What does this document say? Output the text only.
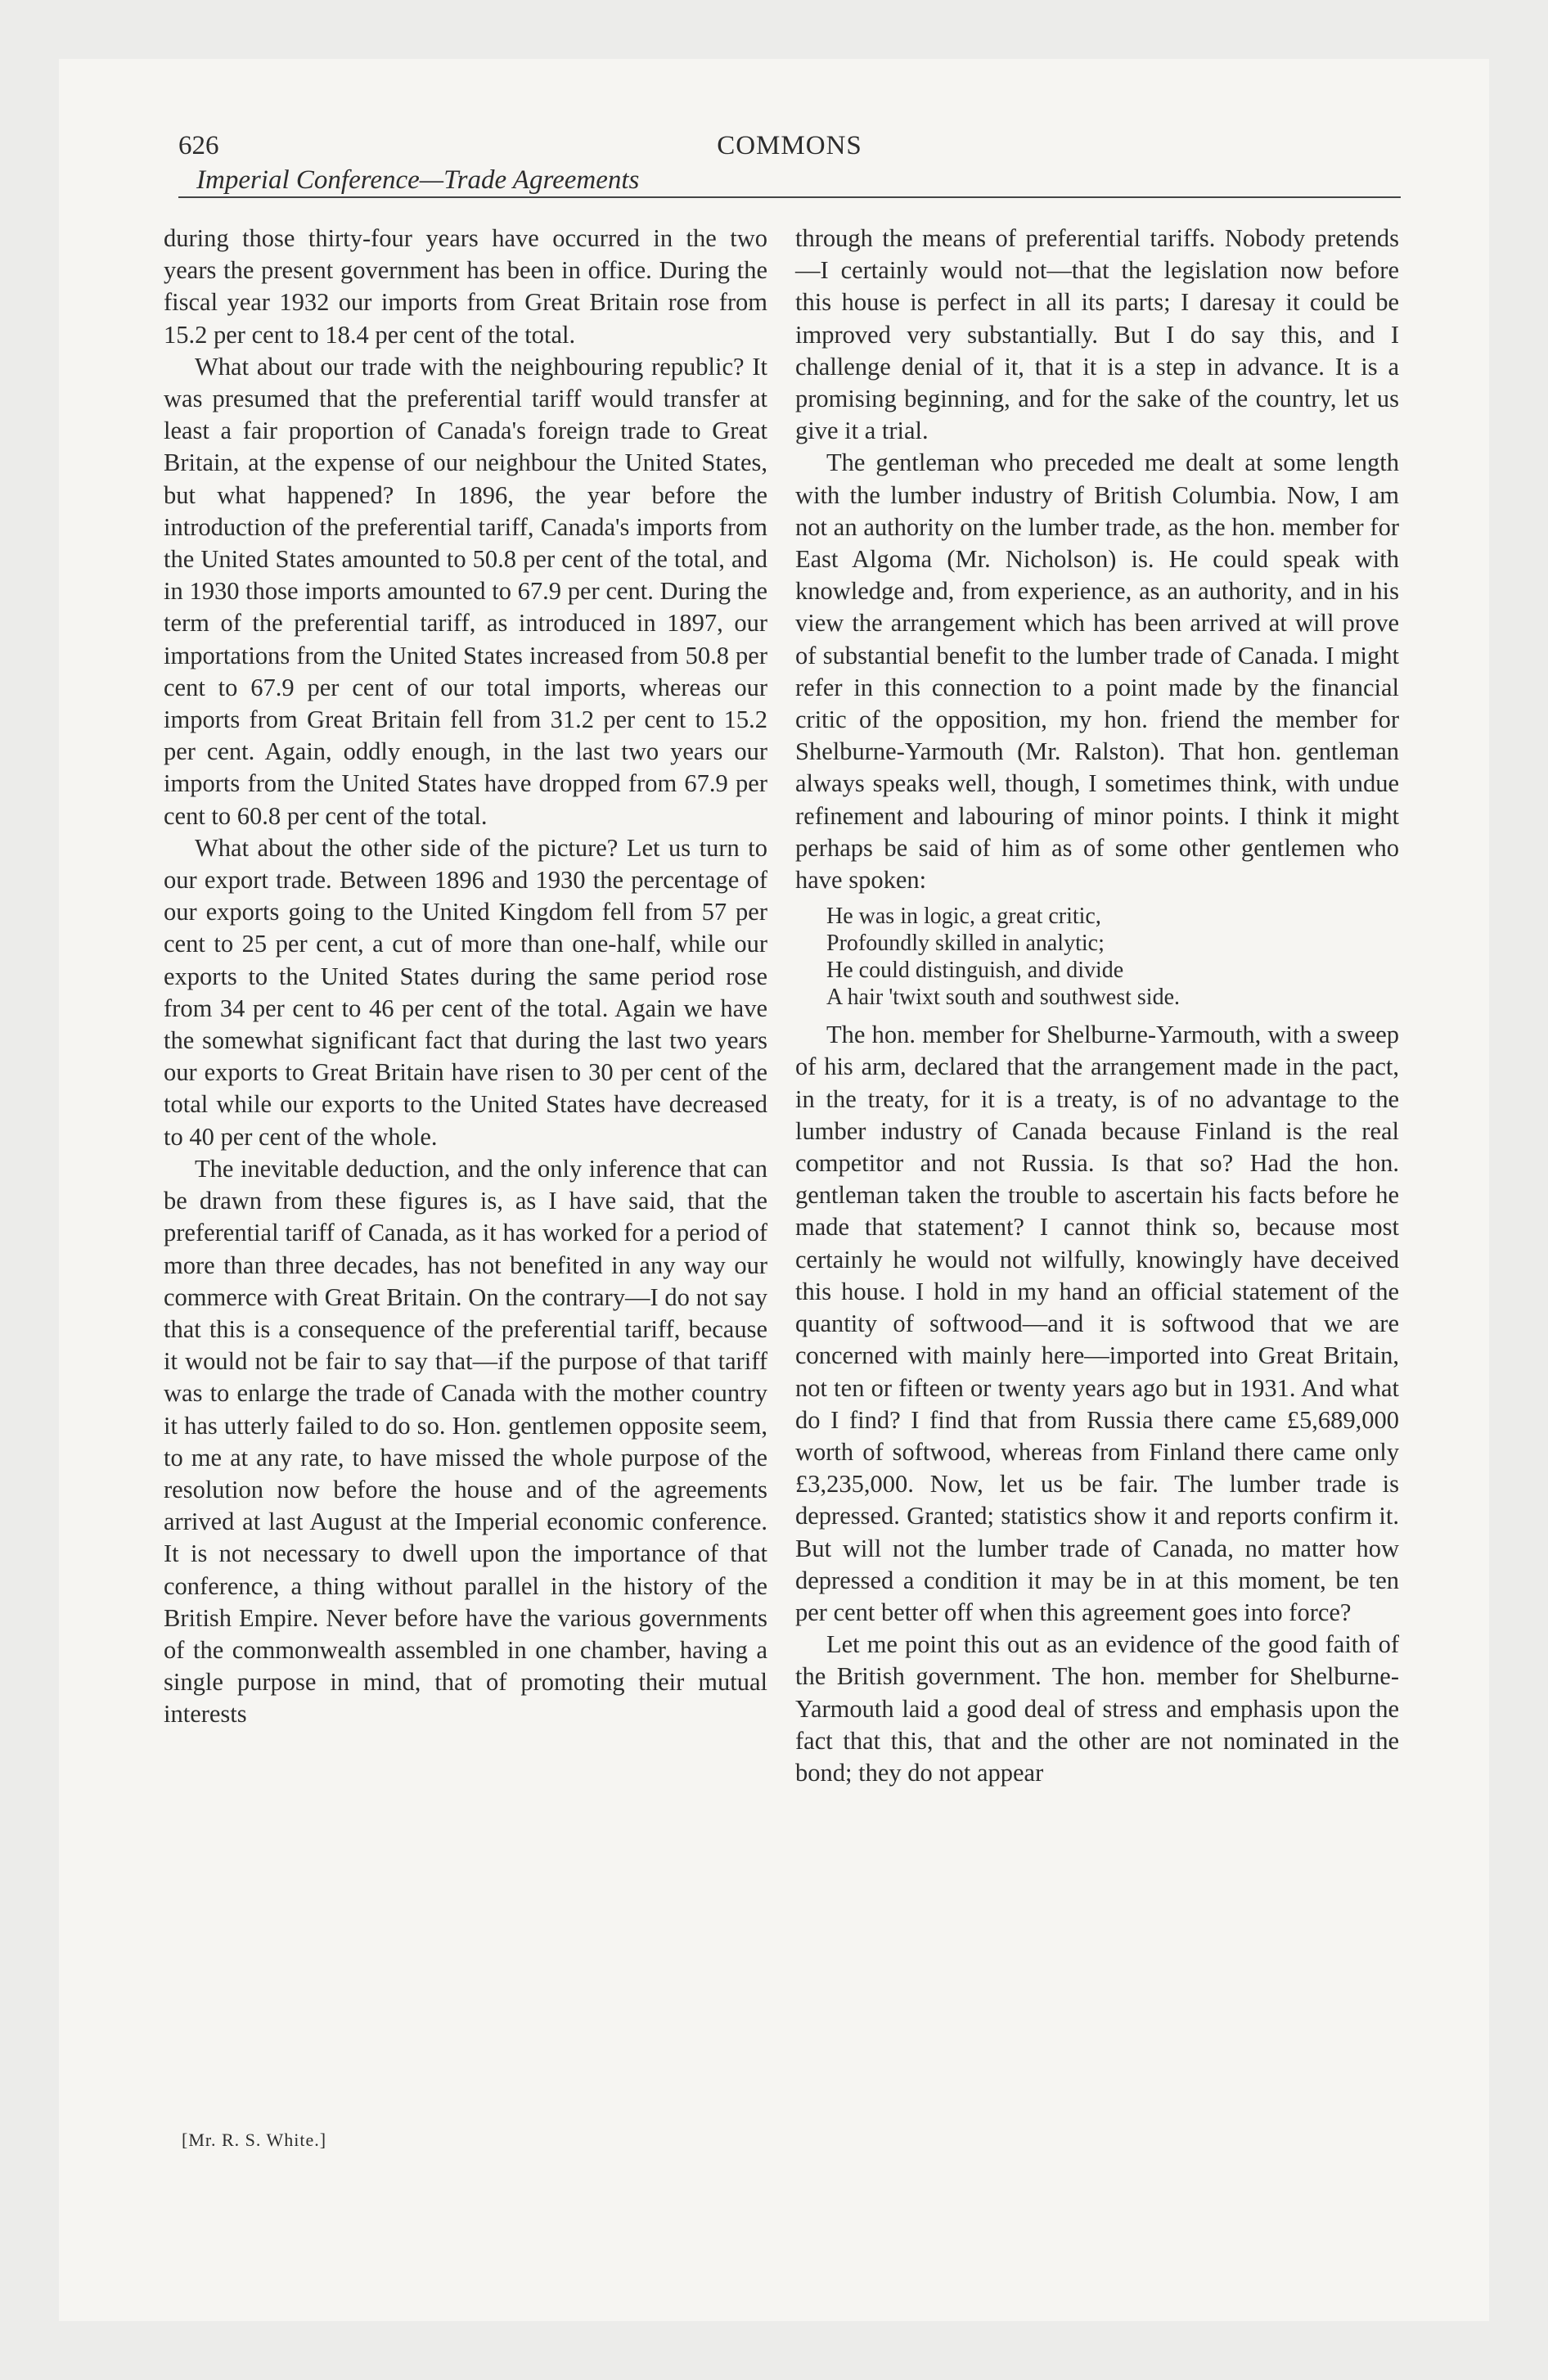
626	COMMONS
Imperial Conference—Trade Agreements

during those thirty-four years have occurred in the two years the present government has been in office. During the fiscal year 1932 our imports from Great Britain rose from 15.2 per cent to 18.4 per cent of the total.

What about our trade with the neighbouring republic? It was presumed that the preferential tariff would transfer at least a fair proportion of Canada's foreign trade to Great Britain, at the expense of our neighbour the United States, but what happened? In 1896, the year before the introduction of the preferential tariff, Canada's imports from the United States amounted to 50.8 per cent of the total, and in 1930 those imports amounted to 67.9 per cent. During the term of the preferential tariff, as introduced in 1897, our importations from the United States increased from 50.8 per cent to 67.9 per cent of our total imports, whereas our imports from Great Britain fell from 31.2 per cent to 15.2 per cent. Again, oddly enough, in the last two years our imports from the United States have dropped from 67.9 per cent to 60.8 per cent of the total.

What about the other side of the picture? Let us turn to our export trade. Between 1896 and 1930 the percentage of our exports going to the United Kingdom fell from 57 per cent to 25 per cent, a cut of more than one-half, while our exports to the United States during the same period rose from 34 per cent to 46 per cent of the total. Again we have the somewhat significant fact that during the last two years our exports to Great Britain have risen to 30 per cent of the total while our exports to the United States have decreased to 40 per cent of the whole.

The inevitable deduction, and the only inference that can be drawn from these figures is, as I have said, that the preferential tariff of Canada, as it has worked for a period of more than three decades, has not benefited in any way our commerce with Great Britain. On the contrary—I do not say that this is a consequence of the preferential tariff, because it would not be fair to say that—if the purpose of that tariff was to enlarge the trade of Canada with the mother country it has utterly failed to do so. Hon. gentlemen opposite seem, to me at any rate, to have missed the whole purpose of the resolution now before the house and of the agreements arrived at last August at the Imperial economic conference. It is not necessary to dwell upon the importance of that conference, a thing without parallel in the history of the British Empire. Never before have the various governments of the commonwealth assembled in one chamber, having a single purpose in mind, that of promoting their mutual interests

through the means of preferential tariffs. Nobody pretends—I certainly would not—that the legislation now before this house is perfect in all its parts; I daresay it could be improved very substantially. But I do say this, and I challenge denial of it, that it is a step in advance. It is a promising beginning, and for the sake of the country, let us give it a trial.

The gentleman who preceded me dealt at some length with the lumber industry of British Columbia. Now, I am not an authority on the lumber trade, as the hon. member for East Algoma (Mr. Nicholson) is. He could speak with knowledge and, from experience, as an authority, and in his view the arrangement which has been arrived at will prove of substantial benefit to the lumber trade of Canada. I might refer in this connection to a point made by the financial critic of the opposition, my hon. friend the member for Shelburne-Yarmouth (Mr. Ralston). That hon. gentleman always speaks well, though, I sometimes think, with undue refinement and labouring of minor points. I think it might perhaps be said of him as of some other gentlemen who have spoken:

He was in logic, a great critic,

Profoundly skilled in analytic;

He could distinguish, and divide

A hair 'twixt south and southwest side.

The hon. member for Shelburne-Yarmouth, with a sweep of his arm, declared that the arrangement made in the pact, in the treaty, for it is a treaty, is of no advantage to the lumber industry of Canada because Finland is the real competitor and not Russia. Is that so? Had the hon. gentleman taken the trouble to ascertain his facts before he made that statement? I cannot think so, because most certainly he would not wilfully, knowingly have deceived this house. I hold in my hand an official statement of the quantity of softwood—and it is softwood that we are concerned with mainly here—imported into Great Britain, not ten or fifteen or twenty years ago but in 1931. And what do I find? I find that from Russia there came £5,689,000 worth of softwood, whereas from Finland there came only £3,235,000. Now, let us be fair. The lumber trade is depressed. Granted; statistics show it and reports confirm it. But will not the lumber trade of Canada, no matter how depressed a condition it may be in at this moment, be ten per cent better off when this agreement goes into force?

Let me point this out as an evidence of the good faith of the British government. The hon. member for Shelburne-Yarmouth laid a good deal of stress and emphasis upon the fact that this, that and the other are not nominated in the bond; they do not appear

[Mr. R. S. White.]
